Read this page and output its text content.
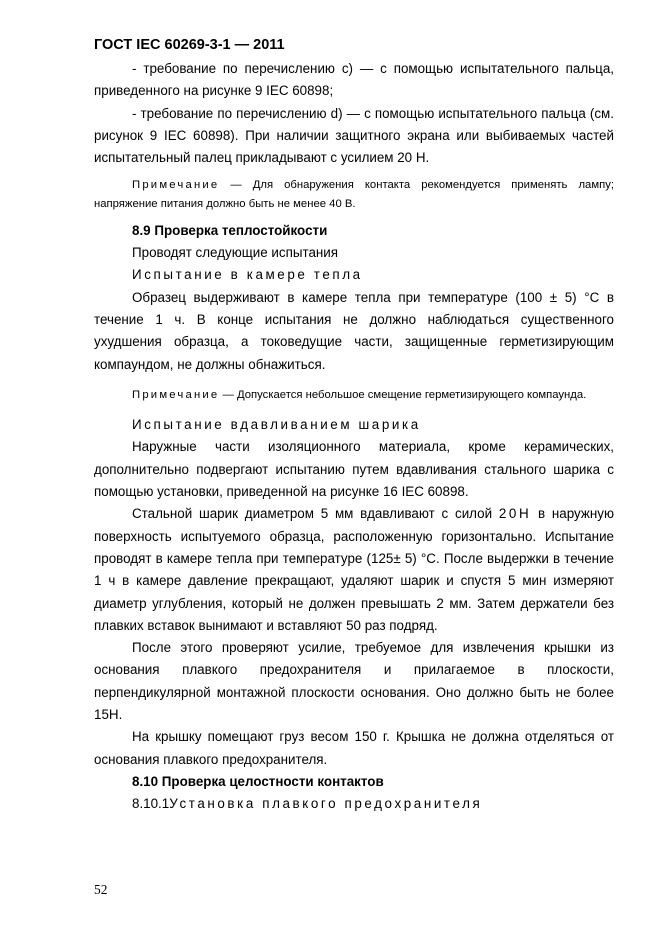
ГОСТ IEC 60269-3-1 — 2011

- требование по перечислению с) — с помощью испытательного пальца, приведенного на рисунке 9 IEC 60898;

- требование по перечислению d) — с помощью испытательного пальца (см. рисунок 9 IEC 60898). При наличии защитного экрана или выбиваемых частей испытательный палец прикладывают с усилием 20 Н.

Примечание — Для обнаружения контакта рекомендуется применять лампу; напряжение питания должно быть не менее 40 В.

8.9 Проверка теплостойкости

Проводят следующие испытания

Испытание в камере тепла

Образец выдерживают в камере тепла при температуре (100 ± 5) °С в течение 1 ч. В конце испытания не должно наблюдаться существенного ухудшения образца, а токоведущие части, защищенные герметизирующим компаундом, не должны обнажиться.

Примечание — Допускается небольшое смещение герметизирующего компаунда.

Испытание вдавливанием шарика

Наружные части изоляционного материала, кроме керамических, дополнительно подвергают испытанию путем вдавливания стального шарика с помощью установки, приведенной на рисунке 16 IEC 60898.

Стальной шарик диаметром 5 мм вдавливают с силой 20Н в наружную поверхность испытуемого образца, расположенную горизонтально. Испытание проводят в камере тепла при температуре (125± 5) °С. После выдержки в течение 1 ч в камере давление прекращают, удаляют шарик и спустя 5 мин измеряют диаметр углубления, который не должен превышать 2 мм. Затем держатели без плавких вставок вынимают и вставляют 50 раз подряд.

После этого проверяют усилие, требуемое для извлечения крышки из основания плавкого предохранителя и прилагаемое в плоскости, перпендикулярной монтажной плоскости основания. Оно должно быть не более 15Н.

На крышку помещают груз весом 150 г. Крышка не должна отделяться от основания плавкого предохранителя.

8.10 Проверка целостности контактов

8.10.1Установка плавкого предохранителя

52
